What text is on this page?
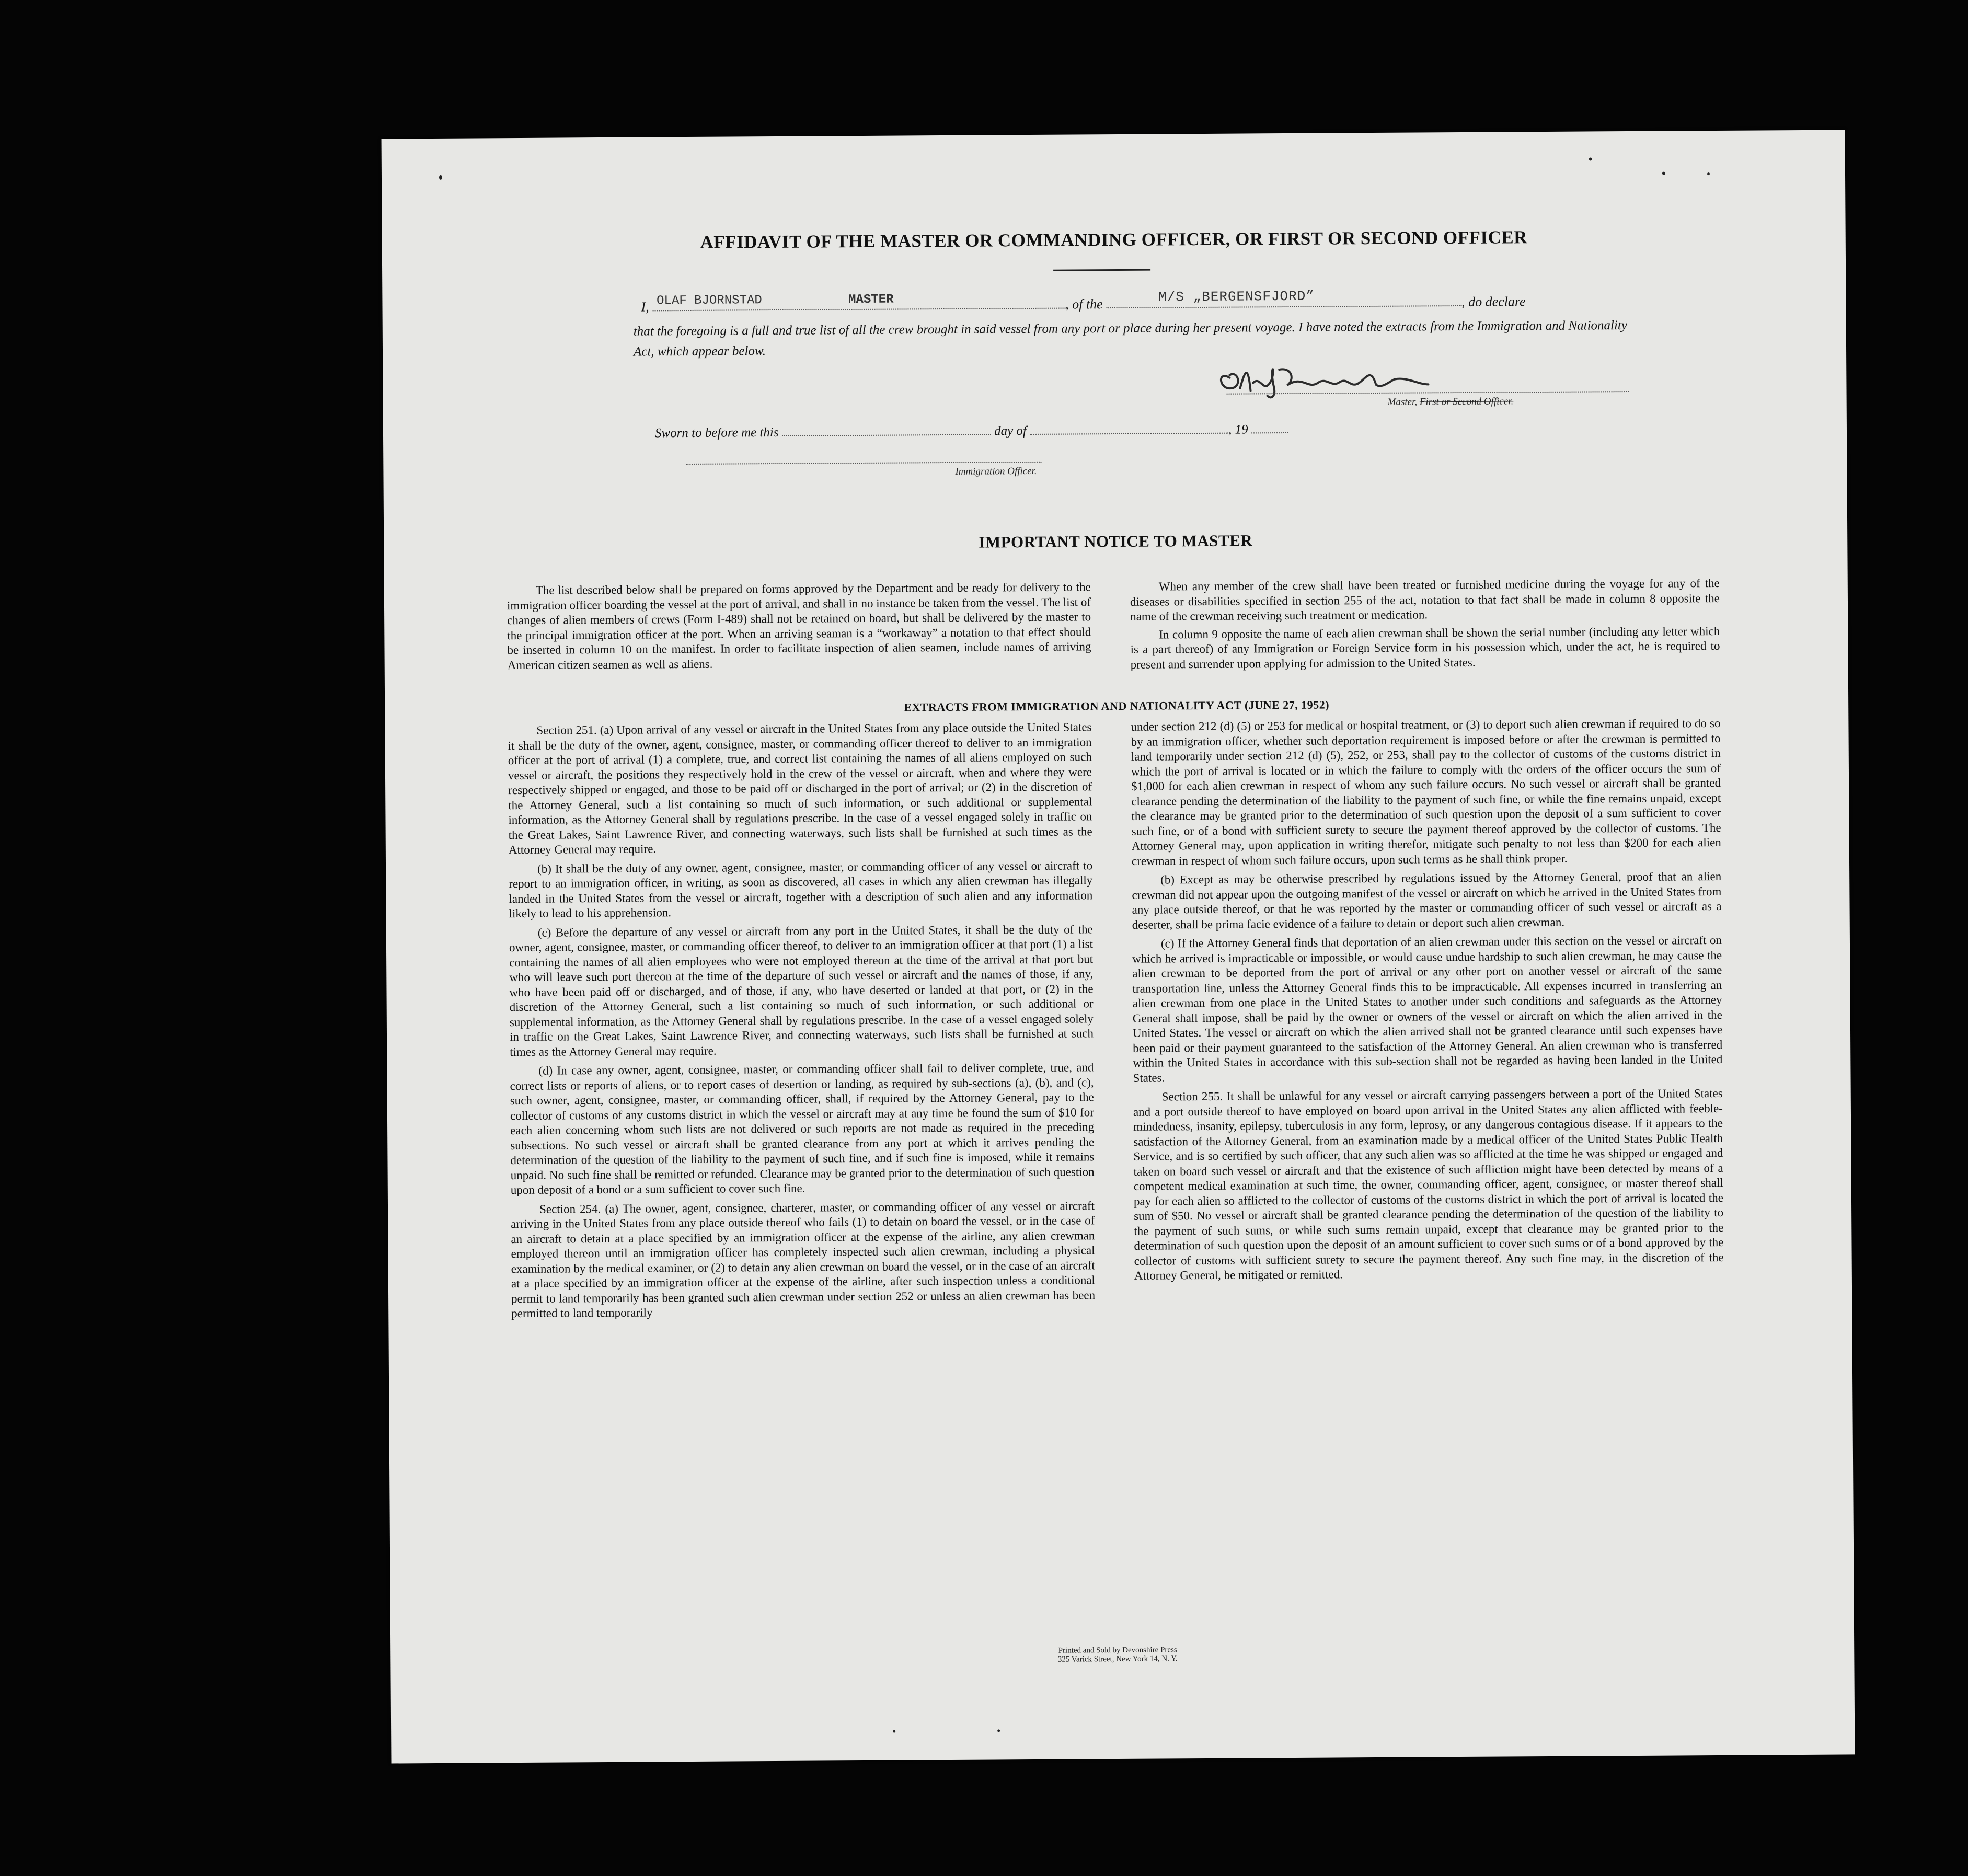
AFFIDAVIT OF THE MASTER OR COMMANDING OFFICER, OR FIRST OR SECOND OFFICER
I, OLAF BJORNSTAD	MASTER	, of the	M/S „BERGENSFJORD”	, do declare
that the foregoing is a full and true list of all the crew brought in said vessel from any port or place during her present voyage. I have noted the extracts from the Immigration and Nationality Act, which appear below.
Master, First or Second Officer.
Sworn to before me this	day of	, 19
Immigration Officer.
IMPORTANT NOTICE TO MASTER

The list described below shall be prepared on forms approved by the Department and be ready for delivery to the immigration officer boarding the vessel at the port of arrival, and shall in no instance be taken from the vessel. The list of changes of alien members of crews (Form I-489) shall not be retained on board, but shall be delivered by the master to the principal immigration officer at the port. When an arriving seaman is a “workaway” a notation to that effect should be inserted in column 10 on the manifest. In order to facilitate inspection of alien seamen, include names of arriving American citizen seamen as well as aliens.

When any member of the crew shall have been treated or furnished medicine during the voyage for any of the diseases or disabilities specified in section 255 of the act, notation to that fact shall be made in column 8 opposite the name of the crewman receiving such treatment or medication.

In column 9 opposite the name of each alien crewman shall be shown the serial number (including any letter which is a part thereof) of any Immigration or Foreign Service form in his possession which, under the act, he is required to present and surrender upon applying for admission to the United States.

EXTRACTS FROM IMMIGRATION AND NATIONALITY ACT (JUNE 27, 1952)

Section 251. (a) Upon arrival of any vessel or aircraft in the United States from any place outside the United States it shall be the duty of the owner, agent, consignee, master, or commanding officer thereof to deliver to an immigration officer at the port of arrival (1) a complete, true, and correct list containing the names of all aliens employed on such vessel or aircraft, the positions they respectively hold in the crew of the vessel or aircraft, when and where they were respectively shipped or engaged, and those to be paid off or discharged in the port of arrival; or (2) in the discretion of the Attorney General, such a list containing so much of such information, or such additional or supplemental information, as the Attorney General shall by regulations prescribe. In the case of a vessel engaged solely in traffic on the Great Lakes, Saint Lawrence River, and connecting waterways, such lists shall be furnished at such times as the Attorney General may require.

(b) It shall be the duty of any owner, agent, consignee, master, or commanding officer of any vessel or aircraft to report to an immigration officer, in writing, as soon as discovered, all cases in which any alien crewman has illegally landed in the United States from the vessel or aircraft, together with a description of such alien and any information likely to lead to his apprehension.

(c) Before the departure of any vessel or aircraft from any port in the United States, it shall be the duty of the owner, agent, consignee, master, or commanding officer thereof, to deliver to an immigration officer at that port (1) a list containing the names of all alien employees who were not employed thereon at the time of the arrival at that port but who will leave such port thereon at the time of the departure of such vessel or aircraft and the names of those, if any, who have been paid off or discharged, and of those, if any, who have deserted or landed at that port, or (2) in the discretion of the Attorney General, such a list containing so much of such information, or such additional or supplemental information, as the Attorney General shall by regulations prescribe. In the case of a vessel engaged solely in traffic on the Great Lakes, Saint Lawrence River, and connecting waterways, such lists shall be furnished at such times as the Attorney General may require.

(d) In case any owner, agent, consignee, master, or commanding officer shall fail to deliver complete, true, and correct lists or reports of aliens, or to report cases of desertion or landing, as required by sub-sections (a), (b), and (c), such owner, agent, consignee, master, or commanding officer, shall, if required by the Attorney General, pay to the collector of customs of any customs district in which the vessel or aircraft may at any time be found the sum of $10 for each alien concerning whom such lists are not delivered or such reports are not made as required in the preceding subsections. No such vessel or aircraft shall be granted clearance from any port at which it arrives pending the determination of the question of the liability to the payment of such fine, and if such fine is imposed, while it remains unpaid. No such fine shall be remitted or refunded. Clearance may be granted prior to the determination of such question upon deposit of a bond or a sum sufficient to cover such fine.

Section 254. (a) The owner, agent, consignee, charterer, master, or commanding officer of any vessel or aircraft arriving in the United States from any place outside thereof who fails (1) to detain on board the vessel, or in the case of an aircraft to detain at a place specified by an immigration officer at the expense of the airline, any alien crewman employed thereon until an immigration officer has completely inspected such alien crewman, including a physical examination by the medical examiner, or (2) to detain any alien crewman on board the vessel, or in the case of an aircraft at a place specified by an immigration officer at the expense of the airline, after such inspection unless a conditional permit to land temporarily has been granted such alien crewman under section 252 or unless an alien crewman has been permitted to land temporarily

under section 212 (d) (5) or 253 for medical or hospital treatment, or (3) to deport such alien crewman if required to do so by an immigration officer, whether such deportation requirement is imposed before or after the crewman is permitted to land temporarily under section 212 (d) (5), 252, or 253, shall pay to the collector of customs of the customs district in which the port of arrival is located or in which the failure to comply with the orders of the officer occurs the sum of $1,000 for each alien crewman in respect of whom any such failure occurs. No such vessel or aircraft shall be granted clearance pending the determination of the liability to the payment of such fine, or while the fine remains unpaid, except the clearance may be granted prior to the determination of such question upon the deposit of a sum sufficient to cover such fine, or of a bond with sufficient surety to secure the payment thereof approved by the collector of customs. The Attorney General may, upon application in writing therefor, mitigate such penalty to not less than $200 for each alien crewman in respect of whom such failure occurs, upon such terms as he shall think proper.

(b) Except as may be otherwise prescribed by regulations issued by the Attorney General, proof that an alien crewman did not appear upon the outgoing manifest of the vessel or aircraft on which he arrived in the United States from any place outside thereof, or that he was reported by the master or commanding officer of such vessel or aircraft as a deserter, shall be prima facie evidence of a failure to detain or deport such alien crewman.

(c) If the Attorney General finds that deportation of an alien crewman under this section on the vessel or aircraft on which he arrived is impracticable or impossible, or would cause undue hardship to such alien crewman, he may cause the alien crewman to be deported from the port of arrival or any other port on another vessel or aircraft of the same transportation line, unless the Attorney General finds this to be impracticable. All expenses incurred in transferring an alien crewman from one place in the United States to another under such conditions and safeguards as the Attorney General shall impose, shall be paid by the owner or owners of the vessel or aircraft on which the alien arrived in the United States. The vessel or aircraft on which the alien arrived shall not be granted clearance until such expenses have been paid or their payment guaranteed to the satisfaction of the Attorney General. An alien crewman who is transferred within the United States in accordance with this sub-section shall not be regarded as having been landed in the United States.

Section 255. It shall be unlawful for any vessel or aircraft carrying passengers between a port of the United States and a port outside thereof to have employed on board upon arrival in the United States any alien afflicted with feeble-mindedness, insanity, epilepsy, tuberculosis in any form, leprosy, or any dangerous contagious disease. If it appears to the satisfaction of the Attorney General, from an examination made by a medical officer of the United States Public Health Service, and is so certified by such officer, that any such alien was so afflicted at the time he was shipped or engaged and taken on board such vessel or aircraft and that the existence of such affliction might have been detected by means of a competent medical examination at such time, the owner, commanding officer, agent, consignee, or master thereof shall pay for each alien so afflicted to the collector of customs of the customs district in which the port of arrival is located the sum of $50. No vessel or aircraft shall be granted clearance pending the determination of the question of the liability to the payment of such sums, or while such sums remain unpaid, except that clearance may be granted prior to the determination of such question upon the deposit of an amount sufficient to cover such sums or of a bond approved by the collector of customs with sufficient surety to secure the payment thereof. Any such fine may, in the discretion of the Attorney General, be mitigated or remitted.

Printed and Sold by Devonshire Press
325 Varick Street, New York 14, N. Y.
